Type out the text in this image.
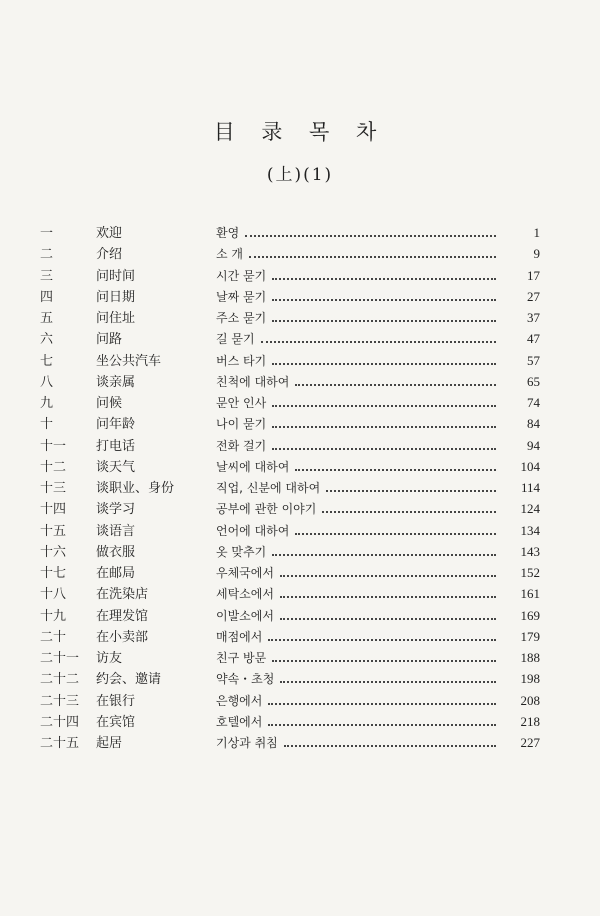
目 录 목 차
(上)(1)
一	欢迎	환영	1
二	介绍	소 개	9
三	问时间	시간 묻기	17
四	问日期	날짜 묻기	27
五	问住址	주소 묻기	37
六	问路	길 묻기	47
七	坐公共汽车	버스 타기	57
八	谈亲属	친척에 대하여	65
九	问候	문안 인사	74
十	问年龄	나이 묻기	84
十一	打电话	전화 걸기	94
十二	谈天气	날씨에 대하여	104
十三	谈职业、身份	직업, 신분에 대하여	114
十四	谈学习	공부에 관한 이야기	124
十五	谈语言	언어에 대하여	134
十六	做衣服	옷 맞추기	143
十七	在邮局	우체국에서	152
十八	在洗染店	세탁소에서	161
十九	在理发馆	이발소에서	169
二十	在小卖部	매점에서	179
二十一	访友	친구 방문	188
二十二	约会、邀请	약속・초청	198
二十三	在银行	은행에서	208
二十四	在宾馆	호텔에서	218
二十五	起居	기상과 취침	227
